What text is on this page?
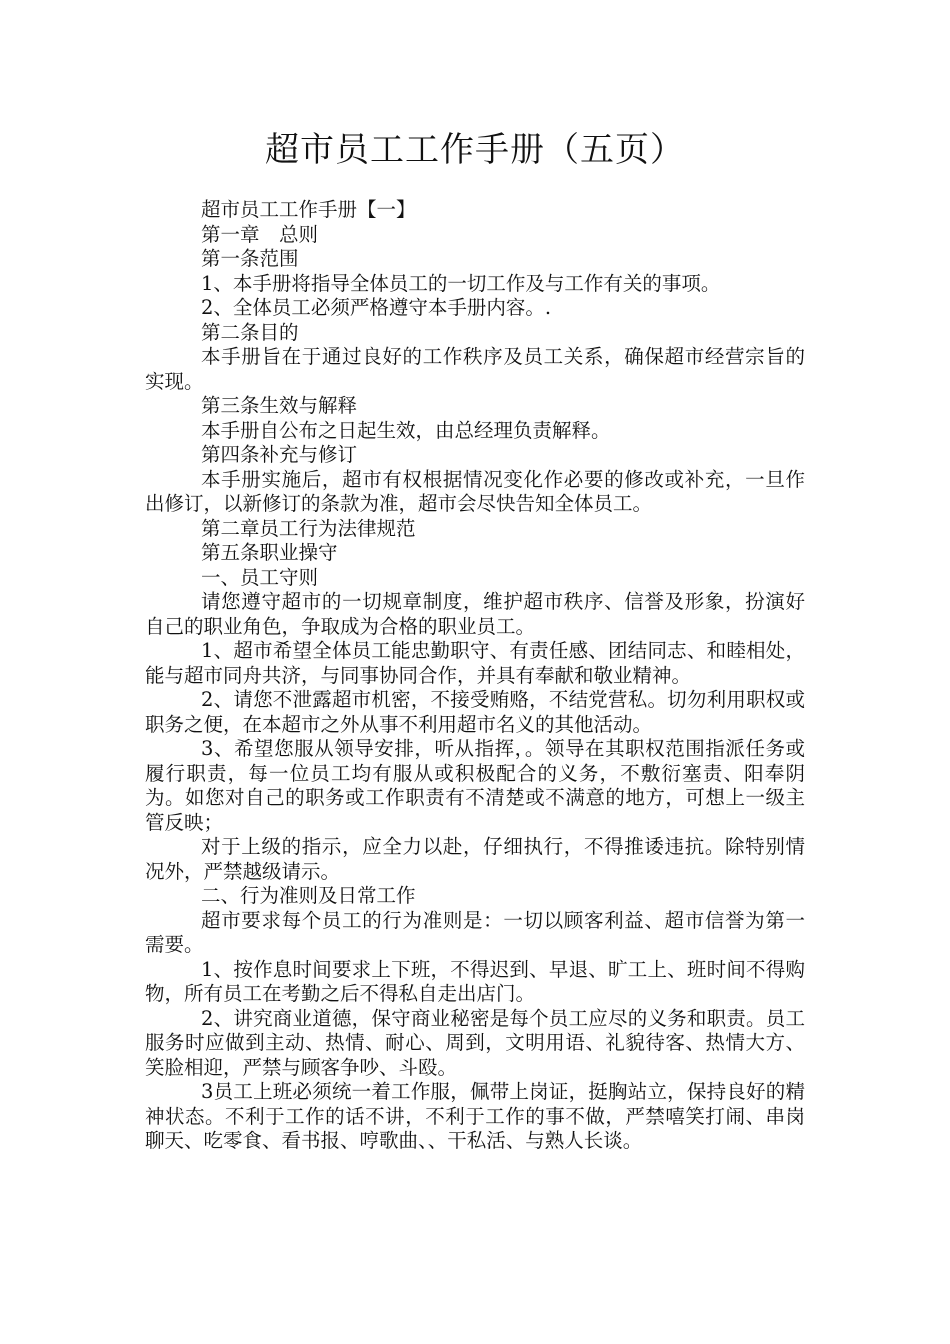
超市员工工作手册（五页）

超市员工工作手册【一】

第一章　总则

第一条范围

1、本手册将指导全体员工的一切工作及与工作有关的事项。

2、全体员工必须严格遵守本手册内容。.

第二条目的

本手册旨在于通过良好的工作秩序及员工关系，确保超市经营宗旨的实现。

第三条生效与解释

本手册自公布之日起生效，由总经理负责解释。

第四条补充与修订

本手册实施后，超市有权根据情况变化作必要的修改或补充，一旦作出修订，以新修订的条款为准，超市会尽快告知全体员工。

第二章员工行为法律规范

第五条职业操守

一、员工守则

请您遵守超市的一切规章制度，维护超市秩序、信誉及形象，扮演好自己的职业角色，争取成为合格的职业员工。

1、超市希望全体员工能忠勤职守、有责任感、团结同志、和睦相处，能与超市同舟共济，与同事协同合作，并具有奉献和敬业精神。

2、请您不泄露超市机密，不接受贿赂，不结党营私。切勿利用职权或职务之便，在本超市之外从事不利用超市名义的其他活动。

3、希望您服从领导安排，听从指挥，。领导在其职权范围指派任务或履行职责，每一位员工均有服从或积极配合的义务，不敷衍塞责、阳奉阴为。如您对自己的职务或工作职责有不清楚或不满意的地方，可想上一级主管反映；

对于上级的指示，应全力以赴，仔细执行，不得推诿违抗。除特别情况外，严禁越级请示。

二、行为准则及日常工作

超市要求每个员工的行为准则是：一切以顾客利益、超市信誉为第一需要。

1、按作息时间要求上下班，不得迟到、早退、旷工上、班时间不得购物，所有员工在考勤之后不得私自走出店门。

2、讲究商业道德，保守商业秘密是每个员工应尽的义务和职责。员工服务时应做到主动、热情、耐心、周到，文明用语、礼貌待客、热情大方、笑脸相迎，严禁与顾客争吵、斗殴。

3员工上班必须统一着工作服，佩带上岗证，挺胸站立，保持良好的精神状态。不利于工作的话不讲，不利于工作的事不做，严禁嘻笑打闹、串岗聊天、吃零食、看书报、哼歌曲、、干私活、与熟人长谈。
